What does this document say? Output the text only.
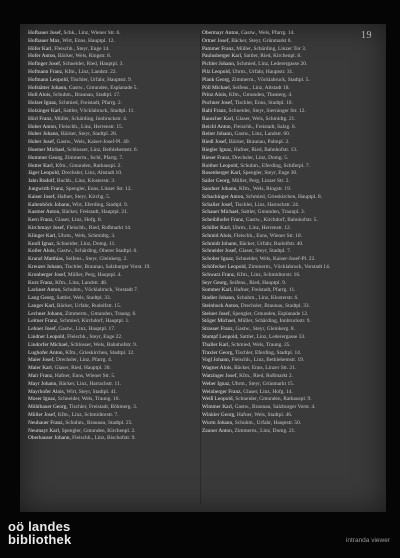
19
Hofbauer Josef, Schk., Linz, Wiener Str. 6.
Hofbauer Max, Wirt, Enns, Hauptpl. 12.
Höfer Karl, Fleischh., Steyr, Enge 14.
Hofer Anton, Bäcker, Wels, Ringstr. 8.
Hofinger Josef, Schneider, Ried, Hauptpl. 3.
Hofmann Franz, Kfm., Linz, Landstr. 22.
Hofmann Leopold, Tischler, Urfahr, Hauptstr. 9.
Hofstätter Johann, Gastw., Gmunden, Esplanade 5.
Holl Alois, Schuhm., Braunau, Stadtpl. 17.
Holzer Ignaz, Schmied, Freistadt, Pfarrg. 2.
Holzinger Karl, Sattler, Vöcklabruck, Stadtpl. 11.
Hörl Franz, Müller, Schärding, Innbruckstr. 4.
Huber Anton, Fleischh., Linz, Herrenstr. 15.
Huber Johann, Bäcker, Steyr, Stadtpl. 28.
Huber Josef, Gastw., Wels, Kaiser-Josef-Pl. 40.
Huemer Michael, Schlosser, Linz, Bethlehemstr. 6.
Hummer Georg, Zimmerm., Ischl, Pfarrg. 7.
Hutter Karl, Kfm., Gmunden, Rathauspl. 2.
Jäger Leopold, Drechsler, Linz, Altstadt 10.
Jahn Rudolf, Buchb., Linz, Klosterstr. 3.
Jungwirth Franz, Spengler, Enns, Linzer Str. 12.
Kaiser Josef, Hafner, Steyr, Kirchg. 5.
Kaltenböck Johann, Wirt, Eferding, Stadtpl. 9.
Kastner Anton, Bäcker, Freistadt, Hauptpl. 21.
Kern Franz, Glaser, Linz, Hofg. 8.
Kirchmayr Josef, Fleischh., Ried, Roßmarkt 14.
Klinger Karl, Uhrm., Wels, Schmidtg. 3.
Knoll Ignaz, Schneider, Linz, Domg. 11.
Koller Alois, Gastw., Schärding, Oberer Stadtpl. 6.
Kranzl Matthias, Seifens., Steyr, Gleinkerg. 2.
Kreuzer Johann, Tischler, Braunau, Salzburger Vorst. 19.
Kronberger Josef, Müller, Perg, Hauptpl. 4.
Kurz Franz, Kfm., Linz, Landstr. 48.
Lackner Anton, Schuhm., Vöcklabruck, Vorstadt 7.
Lang Georg, Sattler, Wels, Stadtpl. 33.
Langer Karl, Bäcker, Urfahr, Rudolfstr. 15.
Lechner Johann, Zimmerm., Gmunden, Traung. 6.
Leitner Franz, Schmied, Kirchdorf, Hauptpl. 1.
Lehner Josef, Gastw., Linz, Hauptpl. 17.
Lindner Leopold, Fleischh., Steyr, Enge 22.
Lindorfer Michael, Schlosser, Wels, Bahnhofstr. 9.
Lughofer Anton, Kfm., Grieskirchen, Stadtpl. 12.
Maier Josef, Drechsler, Linz, Pfarrg. 4.
Maier Karl, Glaser, Ried, Hauptpl. 30.
Mair Franz, Hafner, Enns, Wiener Str. 5.
Mayr Johann, Bäcker, Linz, Harrachstr. 11.
Mayrhofer Alois, Wirt, Steyr, Stadtpl. 41.
Moser Ignaz, Schneider, Wels, Traung. 16.
Mühlbauer Georg, Tischler, Freistadt, Böhmerg. 3.
Müller Josef, Kfm., Linz, Schmidtorstr. 7.
Neubauer Franz, Schuhm., Braunau, Stadtpl. 25.
Neumayr Karl, Spengler, Gmunden, Kirchenpl. 2.
Oberhauser Johann, Fleischh., Linz, Bischofstr. 9.
Obermayr Anton, Gastw., Wels, Pfarrg. 14.
Ortner Josef, Bäcker, Steyr, Grünmarkt 6.
Pammer Franz, Müller, Schärding, Linzer Tor 3.
Paulusberger Karl, Sattler, Ried, Kirchenpl. 8.
Pichler Johann, Schmied, Linz, Lederergasse 20.
Pilz Leopold, Uhrm., Urfahr, Hauptstr. 31.
Plank Georg, Zimmerm., Vöcklabruck, Stadtpl. 5.
Pöll Michael, Seifens., Linz, Altstadt 18.
Prinz Alois, Kfm., Gmunden, Theaterg. 4.
Puchner Josef, Tischler, Enns, Stadtpl. 10.
Rabl Franz, Schneider, Steyr, Sierninger Str. 12.
Rauscher Karl, Glaser, Wels, Schmidtg. 21.
Reichl Anton, Fleischh., Freistadt, Salzg. 6.
Reiter Johann, Gastw., Linz, Landstr. 60.
Riedl Josef, Bäcker, Braunau, Palmpl. 2.
Riegler Ignaz, Hafner, Ried, Bahnhofstr. 13.
Rieser Franz, Drechsler, Linz, Domg. 5.
Roither Leopold, Schuhm., Eferding, Schiferpl. 7.
Rosenberger Karl, Spengler, Steyr, Enge 30.
Sailer Georg, Müller, Perg, Linzer Str. 2.
Sandner Johann, Kfm., Wels, Ringstr. 19.
Schachinger Anton, Schmied, Grieskirchen, Hauptpl. 8.
Schaller Josef, Tischler, Linz, Harrachstr. 24.
Schauer Michael, Sattler, Gmunden, Traunpl. 3.
Scheiblhofer Franz, Gastw., Kirchdorf, Bahnhofstr. 5.
Schiller Karl, Uhrm., Linz, Herrenstr. 12.
Schmid Alois, Fleischh., Enns, Wiener Str. 18.
Schmidt Johann, Bäcker, Urfahr, Rudolfstr. 40.
Schneider Josef, Glaser, Steyr, Stadtpl. 7.
Schober Ignaz, Schneider, Wels, Kaiser-Josef-Pl. 22.
Schöfecker Leopold, Zimmerm., Vöcklabruck, Vorstadt 14.
Schwarz Franz, Kfm., Linz, Schmidtorstr. 16.
Seyr Georg, Seifens., Ried, Hauptpl. 9.
Sommer Karl, Hafner, Freistadt, Pfarrg. 11.
Stadler Johann, Schuhm., Linz, Klosterstr. 6.
Steinbock Anton, Drechsler, Braunau, Stadtpl. 33.
Steiner Josef, Spengler, Gmunden, Esplanade 12.
Stöger Michael, Müller, Schärding, Innbruckstr. 9.
Strasser Franz, Gastw., Steyr, Gleinkerg. 8.
Stumpf Leopold, Sattler, Linz, Lederergasse 33.
Thaller Karl, Schmied, Wels, Traung. 25.
Traxler Georg, Tischler, Eferding, Stadtpl. 14.
Vogl Johann, Fleischh., Linz, Bethlehemstr. 19.
Wagner Alois, Bäcker, Enns, Linzer Str. 21.
Watzinger Josef, Kfm., Ried, Roßmarkt 2.
Weber Ignaz, Uhrm., Steyr, Grünmarkt 15.
Weinberger Franz, Glaser, Linz, Hofg. 14.
Weiß Leopold, Schneider, Gmunden, Rathauspl. 9.
Wimmer Karl, Gastw., Braunau, Salzburger Vorst. 4.
Winkler Georg, Hafner, Wels, Stadtpl. 46.
Wurm Johann, Schuhm., Urfahr, Hauptstr. 50.
Zauner Anton, Zimmerm., Linz, Domg. 21.
oö landes
bibliothek	intranda viewer
